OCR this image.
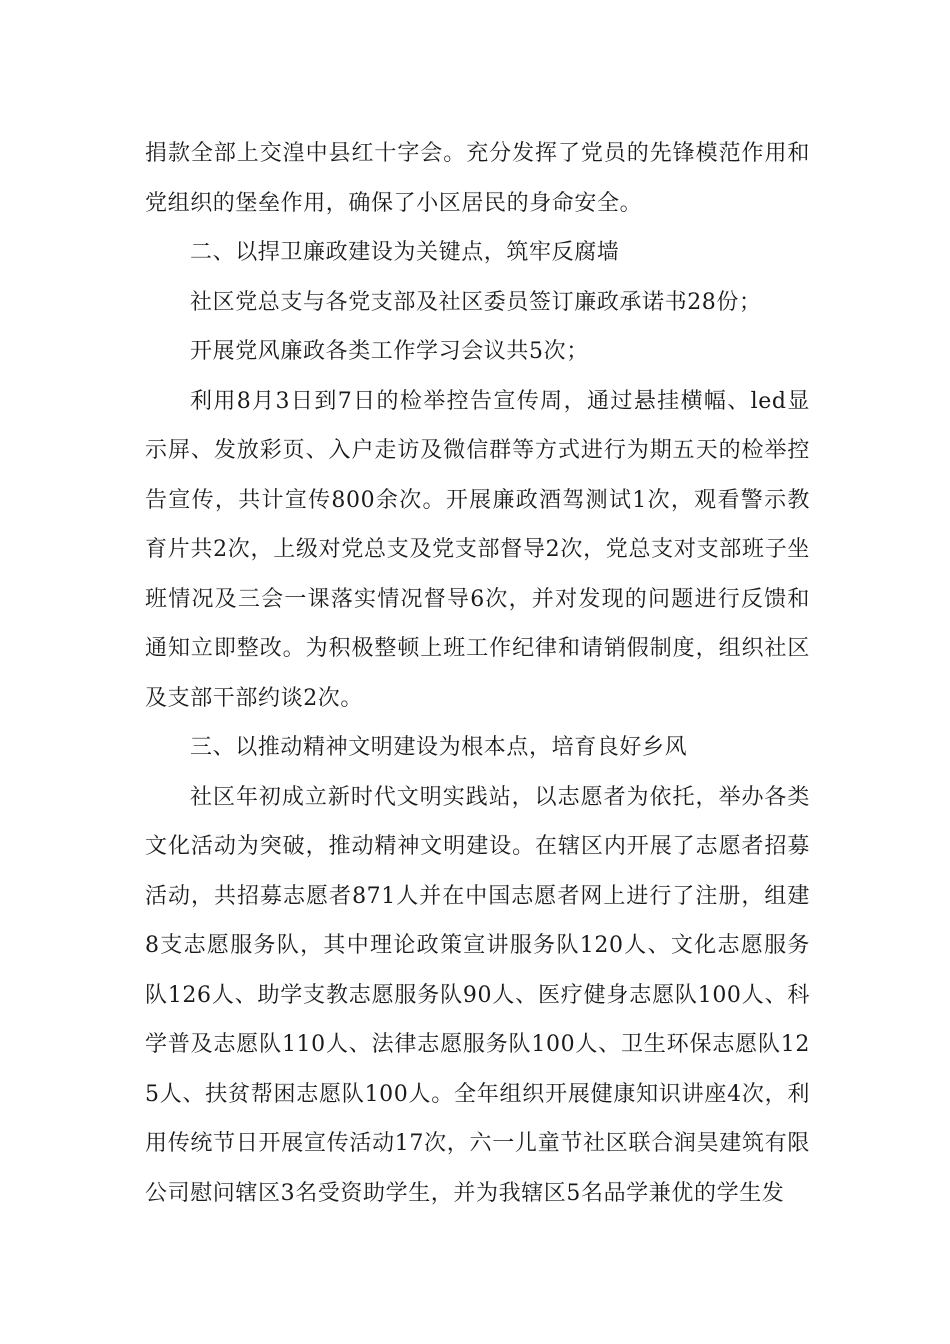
捐款全部上交湟中县红十字会。充分发挥了党员的先锋模范作用和党组织的堡垒作用，确保了小区居民的身命安全。

二、以捍卫廉政建设为关键点，筑牢反腐墙

社区党总支与各党支部及社区委员签订廉政承诺书28份；

开展党风廉政各类工作学习会议共5次；

利用8月3日到7日的检举控告宣传周，通过悬挂横幅、led显示屏、发放彩页、入户走访及微信群等方式进行为期五天的检举控告宣传，共计宣传800余次。开展廉政酒驾测试1次，观看警示教育片共2次，上级对党总支及党支部督导2次，党总支对支部班子坐班情况及三会一课落实情况督导6次，并对发现的问题进行反馈和通知立即整改。为积极整顿上班工作纪律和请销假制度，组织社区及支部干部约谈2次。

三、以推动精神文明建设为根本点，培育良好乡风

社区年初成立新时代文明实践站，以志愿者为依托，举办各类文化活动为突破，推动精神文明建设。在辖区内开展了志愿者招募活动，共招募志愿者871人并在中国志愿者网上进行了注册，组建8支志愿服务队，其中理论政策宣讲服务队120人、文化志愿服务队126人、助学支教志愿服务队90人、医疗健身志愿队100人、科学普及志愿队110人、法律志愿服务队100人、卫生环保志愿队125人、扶贫帮困志愿队100人。全年组织开展健康知识讲座4次，利用传统节日开展宣传活动17次，六一儿童节社区联合润昊建筑有限公司慰问辖区3名受资助学生，并为我辖区5名品学兼优的学生发
